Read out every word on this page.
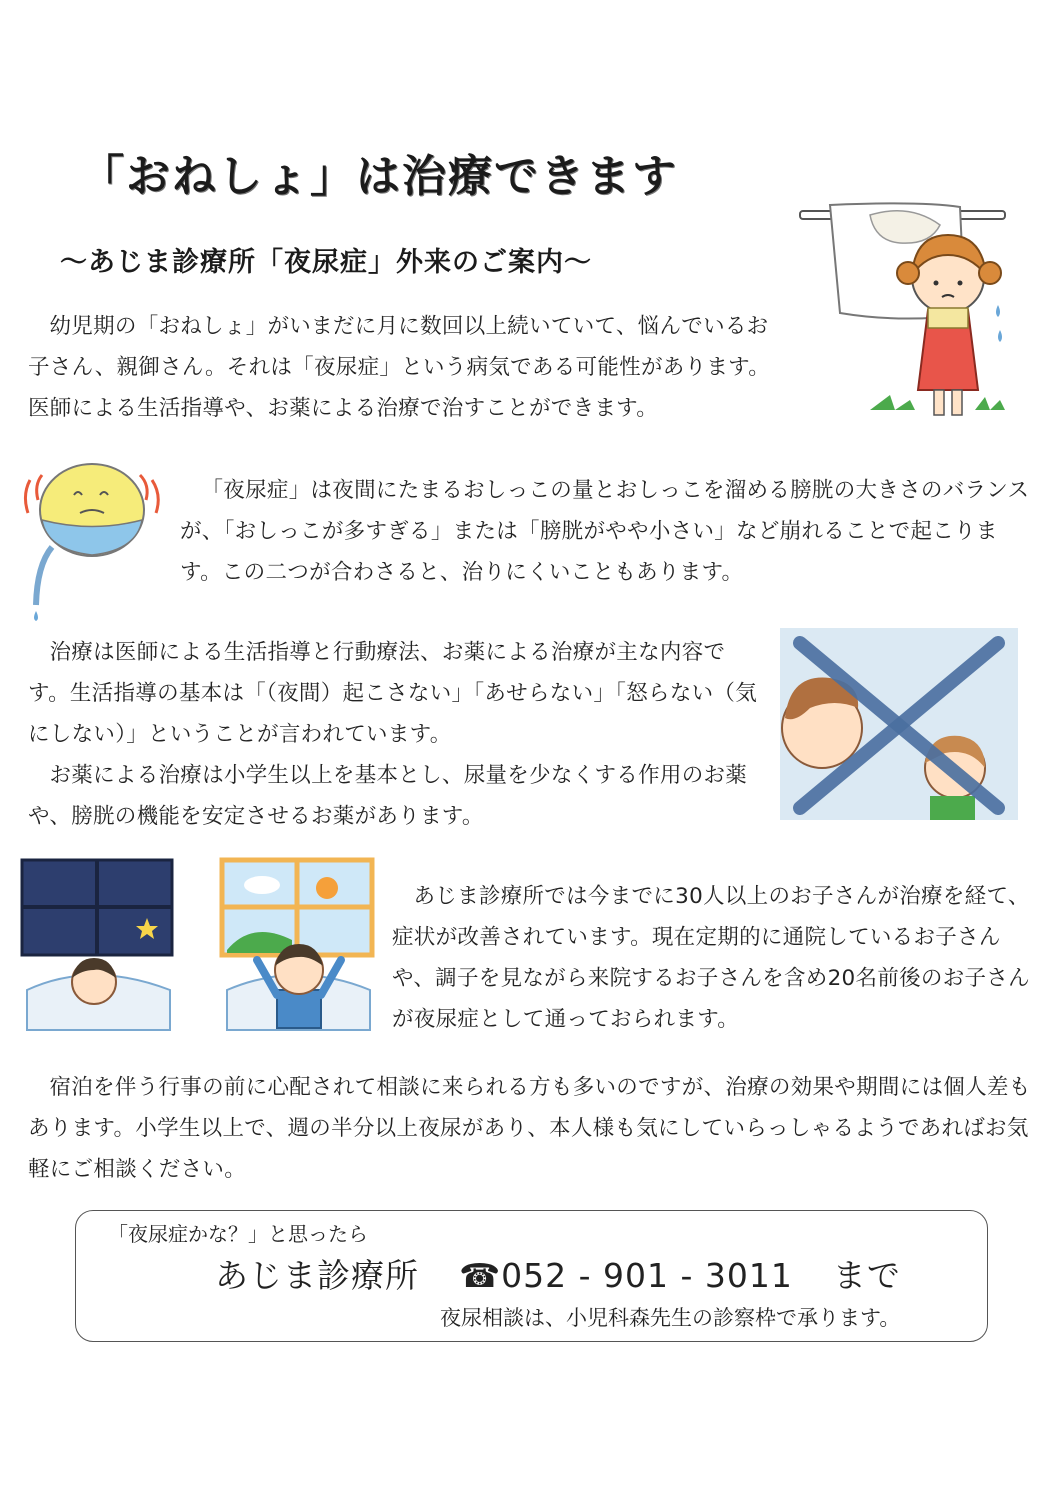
「おねしょ」は治療できます
～あじま診療所「夜尿症」外来のご案内～
幼児期の「おねしょ」がいまだに月に数回以上続いていて、悩んでいるお子さん、親御さん。それは「夜尿症」という病気である可能性があります。医師による生活指導や、お薬による治療で治すことができます。
「夜尿症」は夜間にたまるおしっこの量とおしっこを溜める膀胱の大きさのバランスが、「おしっこが多すぎる」または「膀胱がやや小さい」など崩れることで起こります。この二つが合わさると、治りにくいこともあります。
治療は医師による生活指導と行動療法、お薬による治療が主な内容です。生活指導の基本は「（夜間）起こさない」「あせらない」「怒らない（気にしない）」ということが言われています。
お薬による治療は小学生以上を基本とし、尿量を少なくする作用のお薬や、膀胱の機能を安定させるお薬があります。
あじま診療所では今までに30人以上のお子さんが治療を経て、症状が改善されています。現在定期的に通院しているお子さんや、調子を見ながら来院するお子さんを含め20名前後のお子さんが夜尿症として通っておられます。
宿泊を伴う行事の前に心配されて相談に来られる方も多いのですが、治療の効果や期間には個人差もあります。小学生以上で、週の半分以上夜尿があり、本人様も気にしていらっしゃるようであればお気軽にご相談ください。
「夜尿症かな？」と思ったら
あじま診療所 ☎052 - 901 - 3011 まで
夜尿相談は、小児科森先生の診察枠で承ります。
